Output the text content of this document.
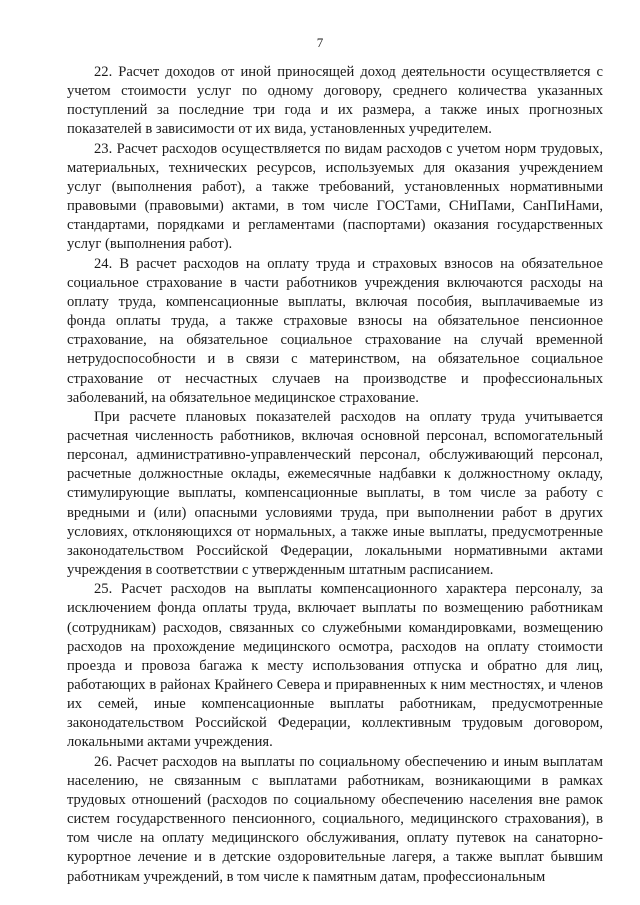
7

22. Расчет доходов от иной приносящей доход деятельности осуществляется с учетом стоимости услуг по одному договору, среднего количества указанных поступлений за последние три года и их размера, а также иных прогнозных показателей в зависимости от их вида, установленных учредителем.

23. Расчет расходов осуществляется по видам расходов с учетом норм трудовых, материальных, технических ресурсов, используемых для оказания учреждением услуг (выполнения работ), а также требований, установленных нормативными правовыми (правовыми) актами, в том числе ГОСТами, СНиПами, СанПиНами, стандартами, порядками и регламентами (паспортами) оказания государственных услуг (выполнения работ).

24. В расчет расходов на оплату труда и страховых взносов на обязательное социальное страхование в части работников учреждения включаются расходы на оплату труда, компенсационные выплаты, включая пособия, выплачиваемые из фонда оплаты труда, а также страховые взносы на обязательное пенсионное страхование, на обязательное социальное страхование на случай временной нетрудоспособности и в связи с материнством, на обязательное социальное страхование от несчастных случаев на производстве и профессиональных заболеваний, на обязательное медицинское страхование.

При расчете плановых показателей расходов на оплату труда учитывается расчетная численность работников, включая основной персонал, вспомогательный персонал, административно-управленческий персонал, обслуживающий персонал, расчетные должностные оклады, ежемесячные надбавки к должностному окладу, стимулирующие выплаты, компенсационные выплаты, в том числе за работу с вредными и (или) опасными условиями труда, при выполнении работ в других условиях, отклоняющихся от нормальных, а также иные выплаты, предусмотренные законодательством Российской Федерации, локальными нормативными актами учреждения в соответствии с утвержденным штатным расписанием.

25. Расчет расходов на выплаты компенсационного характера персоналу, за исключением фонда оплаты труда, включает выплаты по возмещению работникам (сотрудникам) расходов, связанных со служебными командировками, возмещению расходов на прохождение медицинского осмотра, расходов на оплату стоимости проезда и провоза багажа к месту использования отпуска и обратно для лиц, работающих в районах Крайнего Севера и приравненных к ним местностях, и членов их семей, иные компенсационные выплаты работникам, предусмотренные законодательством Российской Федерации, коллективным трудовым договором, локальными актами учреждения.

26. Расчет расходов на выплаты по социальному обеспечению и иным выплатам населению, не связанным с выплатами работникам, возникающими в рамках трудовых отношений (расходов по социальному обеспечению населения вне рамок систем государственного пенсионного, социального, медицинского страхования), в том числе на оплату медицинского обслуживания, оплату путевок на санаторно-курортное лечение и в детские оздоровительные лагеря, а также выплат бывшим работникам учреждений, в том числе к памятным датам, профессиональным
